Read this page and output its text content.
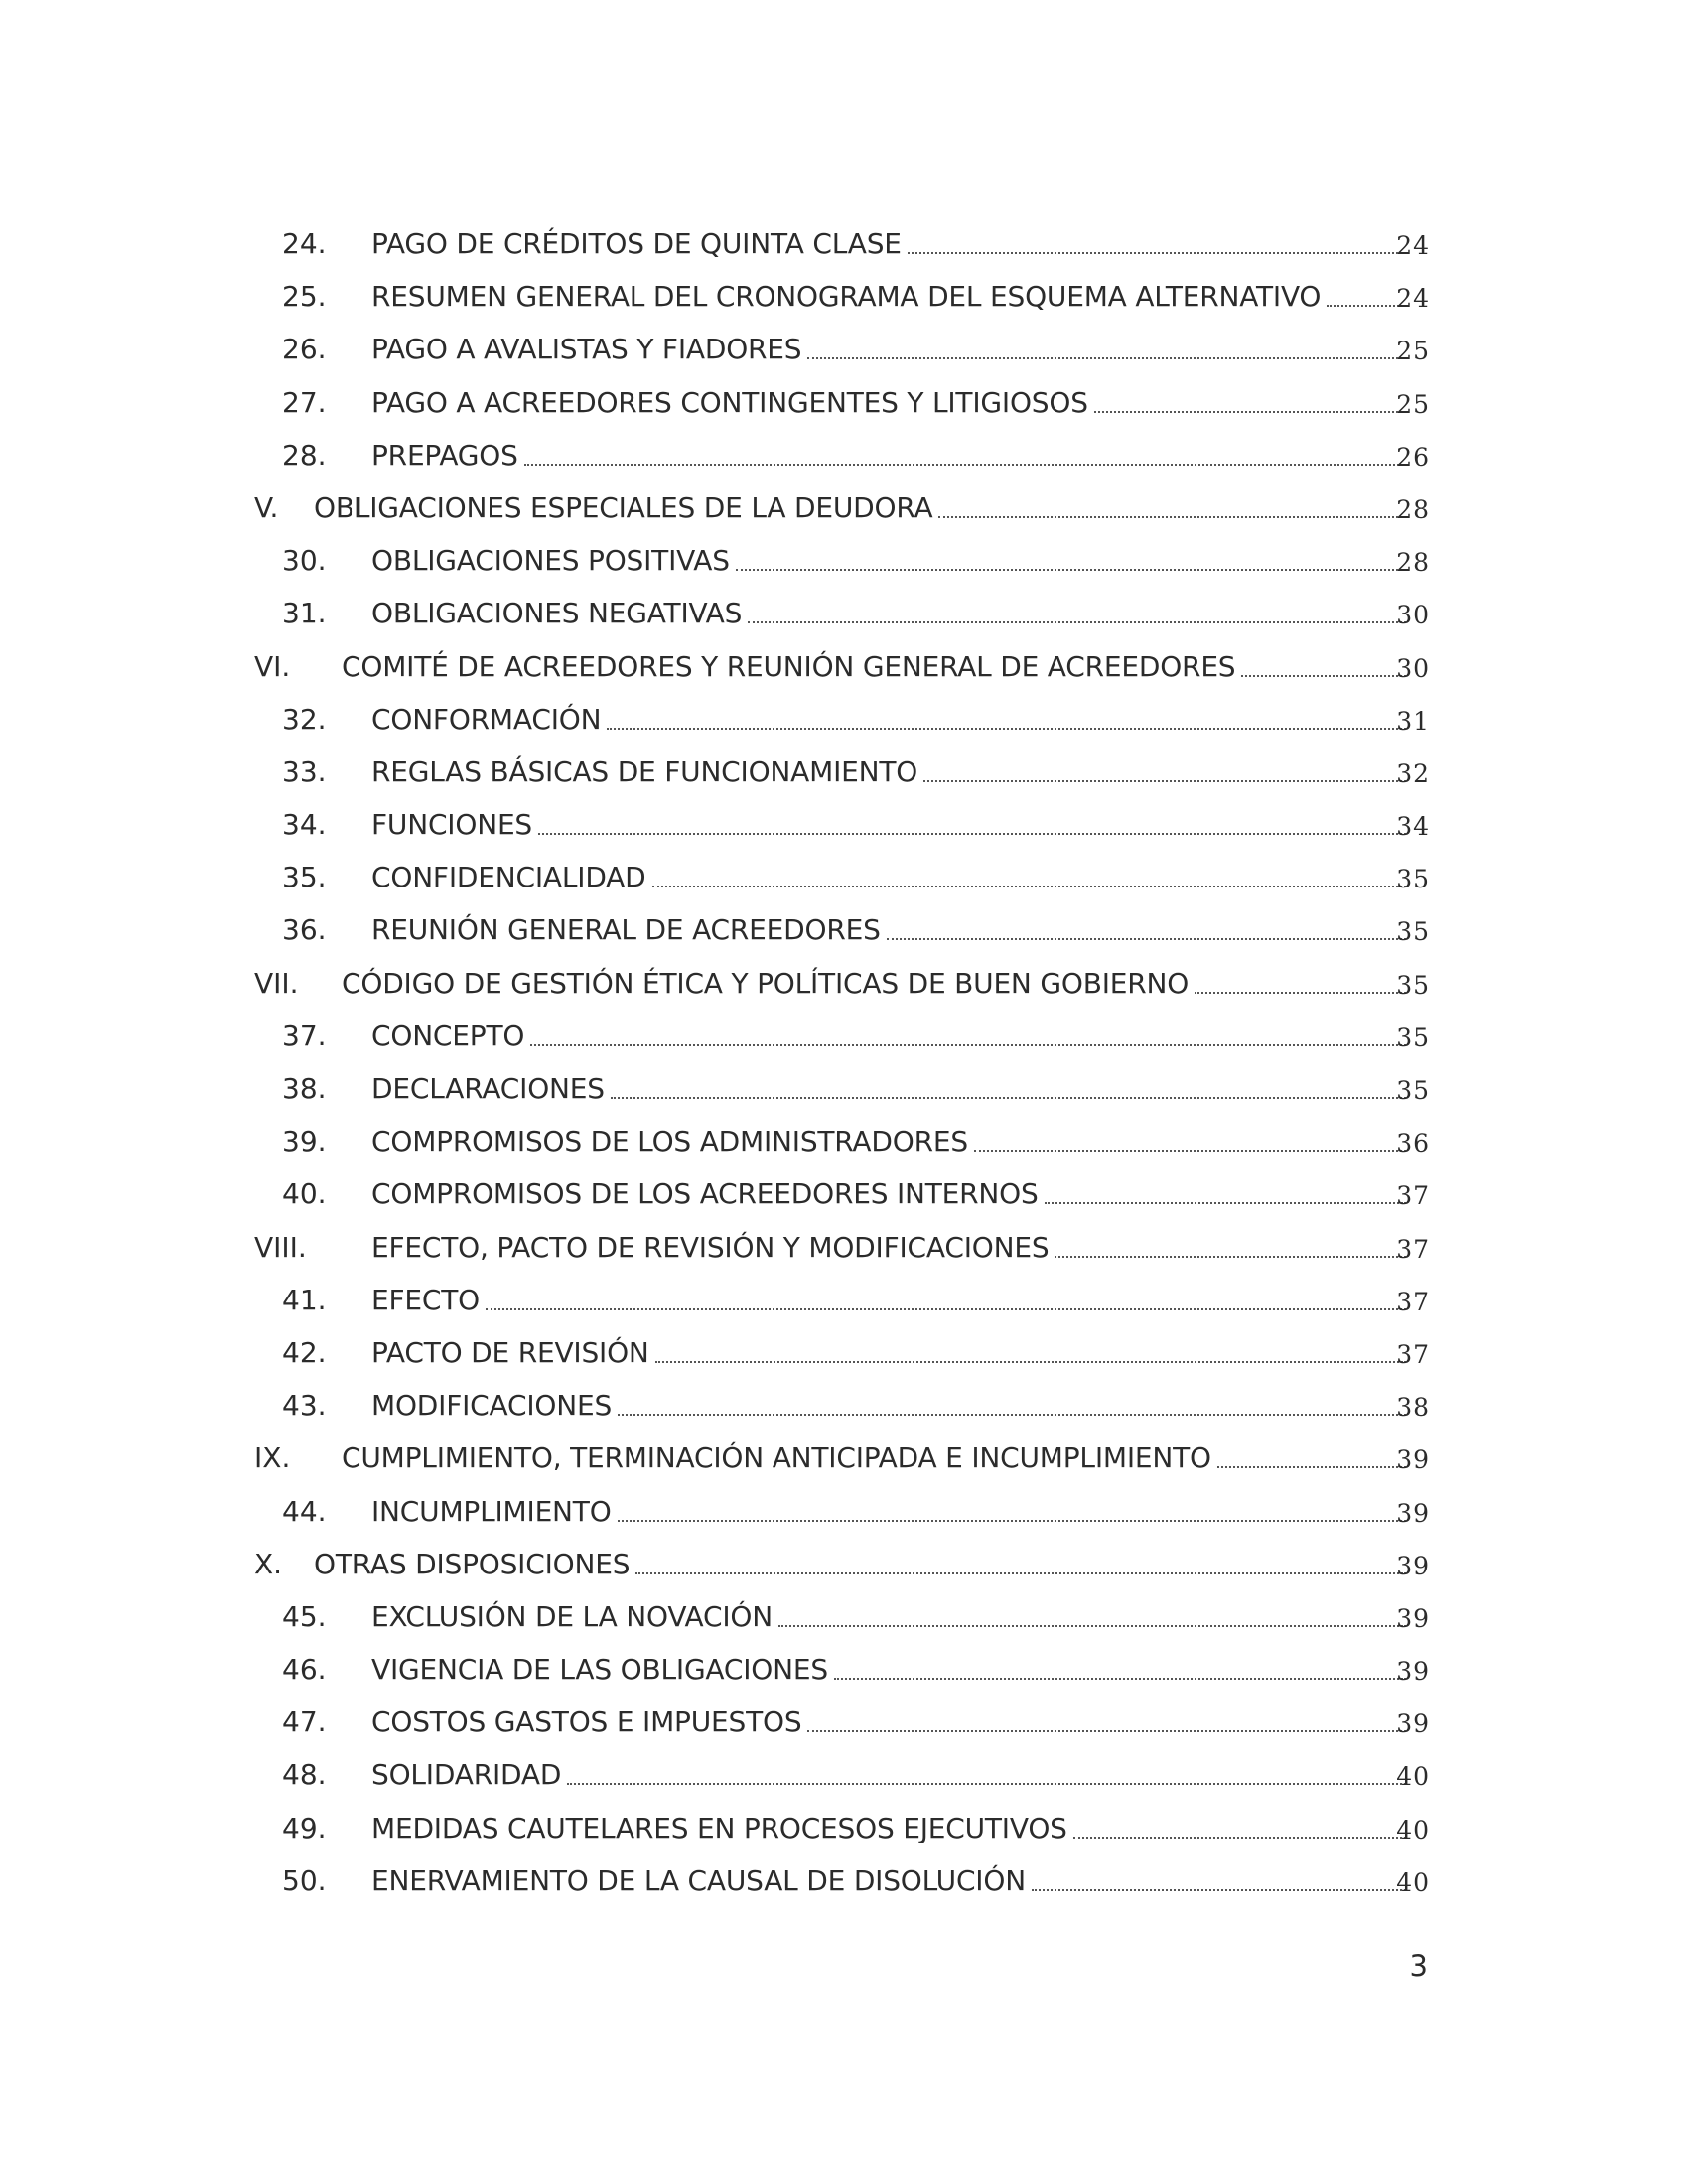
24. PAGO DE CRÉDITOS DE QUINTA CLASE	24
25. RESUMEN GENERAL DEL CRONOGRAMA DEL ESQUEMA ALTERNATIVO	24
26. PAGO A AVALISTAS Y FIADORES	25
27. PAGO A ACREEDORES CONTINGENTES Y LITIGIOSOS	25
28. PREPAGOS	26
V. OBLIGACIONES ESPECIALES DE LA DEUDORA	28
30. OBLIGACIONES POSITIVAS	28
31. OBLIGACIONES NEGATIVAS	30
VI. COMITÉ DE ACREEDORES Y REUNIÓN GENERAL DE ACREEDORES	30
32. CONFORMACIÓN	31
33. REGLAS BÁSICAS DE FUNCIONAMIENTO	32
34. FUNCIONES	34
35. CONFIDENCIALIDAD	35
36. REUNIÓN GENERAL DE ACREEDORES	35
VII. CÓDIGO DE GESTIÓN ÉTICA Y POLÍTICAS DE BUEN GOBIERNO	35
37. CONCEPTO	35
38. DECLARACIONES	35
39. COMPROMISOS DE LOS ADMINISTRADORES	36
40. COMPROMISOS DE LOS ACREEDORES INTERNOS	37
VIII. EFECTO, PACTO DE REVISIÓN Y MODIFICACIONES	37
41. EFECTO	37
42. PACTO DE REVISIÓN	37
43. MODIFICACIONES	38
IX. CUMPLIMIENTO, TERMINACIÓN ANTICIPADA E INCUMPLIMIENTO	39
44. INCUMPLIMIENTO	39
X. OTRAS DISPOSICIONES	39
45. EXCLUSIÓN DE LA NOVACIÓN	39
46. VIGENCIA DE LAS OBLIGACIONES	39
47. COSTOS GASTOS E IMPUESTOS	39
48. SOLIDARIDAD	40
49. MEDIDAS CAUTELARES EN PROCESOS EJECUTIVOS	40
50. ENERVAMIENTO DE LA CAUSAL DE DISOLUCIÓN	40
3
